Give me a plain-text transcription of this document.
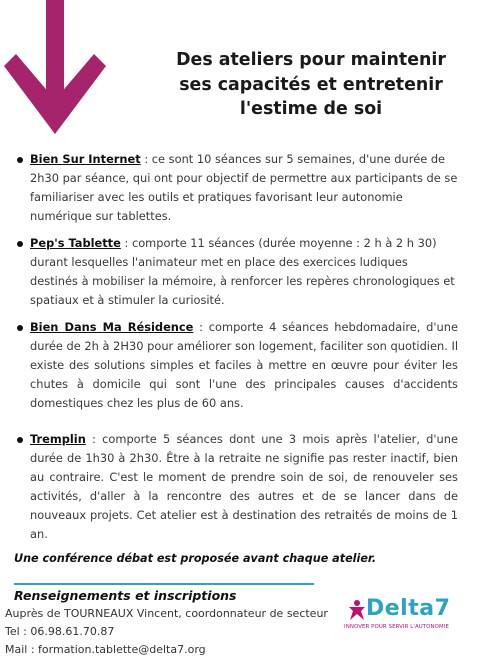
Des ateliers pour maintenir
ses capacités et entretenir
l'estime de soi
Bien Sur Internet : ce sont 10 séances sur 5 semaines, d'une durée de 2h30 par séance, qui ont pour objectif de permettre aux participants de se familiariser avec les outils et pratiques favorisant leur autonomie numérique sur tablettes.
Pep's Tablette : comporte 11 séances (durée moyenne : 2 h à 2 h 30) durant lesquelles l'animateur met en place des exercices ludiques destinés à mobiliser la mémoire, à renforcer les repères chronologiques et spatiaux et à stimuler la curiosité.
Bien Dans Ma Résidence : comporte 4 séances hebdomadaire, d'une durée de 2h à 2H30 pour améliorer son logement, faciliter son quotidien. Il existe des solutions simples et faciles à mettre en œuvre pour éviter les chutes à domicile qui sont l'une des principales causes d'accidents domestiques chez les plus de 60 ans.
Tremplin : comporte 5 séances dont une 3 mois après l'atelier, d'une durée de 1h30 à 2h30. Être à la retraite ne signifie pas rester inactif, bien au contraire. C'est le moment de prendre soin de soi, de renouveler ses activités, d'aller à la rencontre des autres et de se lancer dans de nouveaux projets. Cet atelier est à destination des retraités de moins de 1 an.
Une conférence débat est proposée avant chaque atelier.
Renseignements et inscriptions
Auprès de TOURNEAUX Vincent, coordonnateur de secteur
Tel : 06.98.61.70.87
Mail : formation.tablette@delta7.org
Delta7
INNOVER POUR SERVIR L'AUTONOMIE
